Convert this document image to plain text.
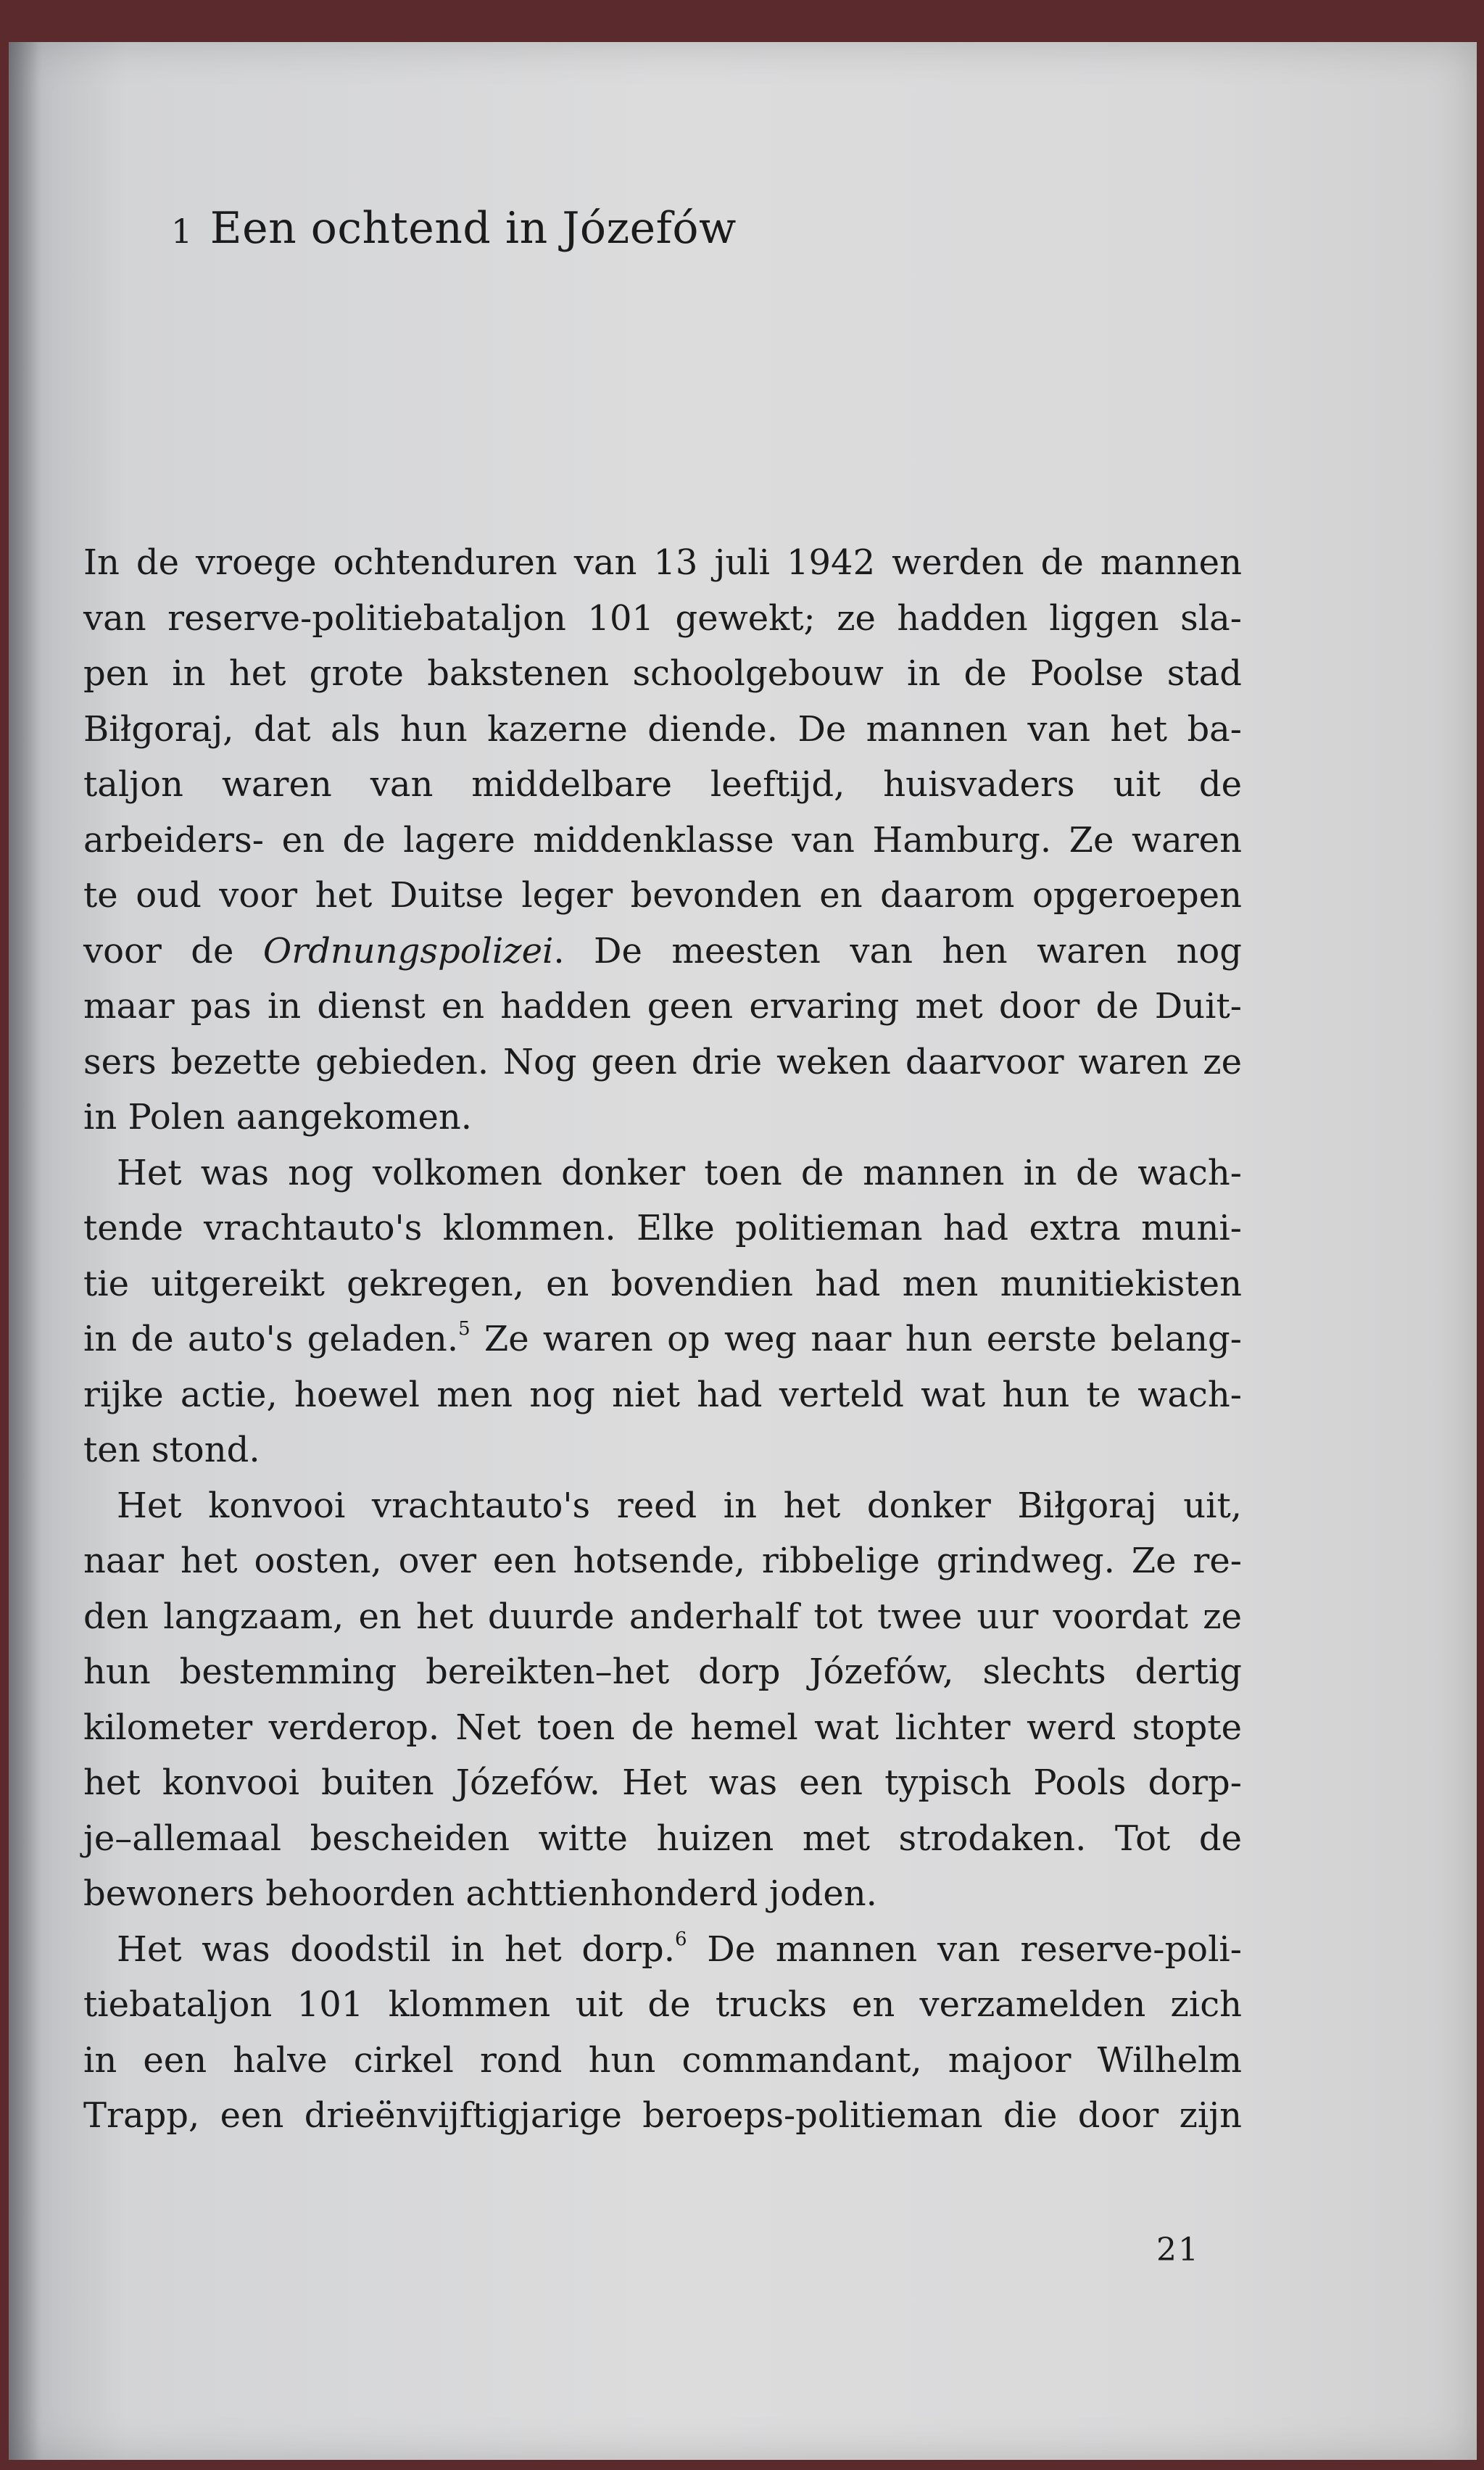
1 Een ochtend in Józefów

In de vroege ochtenduren van 13 juli 1942 werden de mannen
van reserve-politiebataljon 101 gewekt; ze hadden liggen sla-
pen in het grote bakstenen schoolgebouw in de Poolse stad
Biłgoraj, dat als hun kazerne diende. De mannen van het ba-
taljon waren van middelbare leeftijd, huisvaders uit de
arbeiders- en de lagere middenklasse van Hamburg. Ze waren
te oud voor het Duitse leger bevonden en daarom opgeroepen
voor de Ordnungspolizei. De meesten van hen waren nog
maar pas in dienst en hadden geen ervaring met door de Duit-
sers bezette gebieden. Nog geen drie weken daarvoor waren ze
in Polen aangekomen.

Het was nog volkomen donker toen de mannen in de wach-
tende vrachtauto's klommen. Elke politieman had extra muni-
tie uitgereikt gekregen, en bovendien had men munitiekisten
in de auto's geladen.$^5$ Ze waren op weg naar hun eerste belang-
rijke actie, hoewel men nog niet had verteld wat hun te wach-
ten stond.

Het konvooi vrachtauto's reed in het donker Biłgoraj uit,
naar het oosten, over een hotsende, ribbelige grindweg. Ze re-
den langzaam, en het duurde anderhalf tot twee uur voordat ze
hun bestemming bereikten–het dorp Józefów, slechts dertig
kilometer verderop. Net toen de hemel wat lichter werd stopte
het konvooi buiten Józefów. Het was een typisch Pools dorp-
je–allemaal bescheiden witte huizen met strodaken. Tot de
bewoners behoorden achttienhonderd joden.

Het was doodstil in het dorp.$^6$ De mannen van reserve-poli-
tiebataljon 101 klommen uit de trucks en verzamelden zich
in een halve cirkel rond hun commandant, majoor Wilhelm
Trapp, een drieënvijftigjarige beroeps-politieman die door zijn

21
